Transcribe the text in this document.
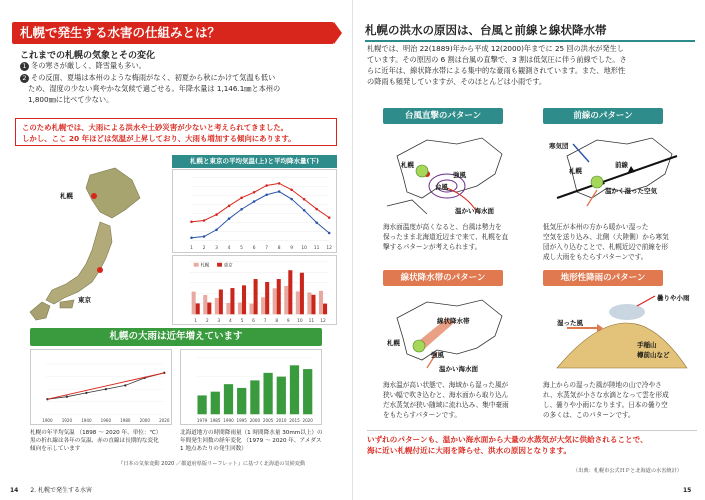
札幌で発生する水害の仕組みとは？
これまでの札幌の気象とその変化
1 冬の寒さが厳しく、降雪量も多い。
2 その反面、夏場は本州のような梅雨がなく、初夏から秋にかけて気温も低い
ため、湿度の少ない爽やかな気候で過ごせる。年降水量は 1,146.1㎜と本州の
1,800㎜に比べて少ない。
このため札幌では、大雨による洪水や土砂災害が少ないと考えられてきました。
しかし、ここ 20 年ほどは気温が上昇しており、大雨も増加する傾向にあります。
札幌
東京
札幌と東京の平均気温(上)と平均降水量(下)
1 2 3 4 5 6 7 8 9 10 11 12
1 2 3 4 5 6 7 8 9 10 11 12
札幌	東京
札幌の大雨は近年増えています
1900 1920 1940 1960 1980 2000 2020	1979 1985 1990 1995 2000 2005 2010 2015 2020
札幌の年平均気温 （1898 ～ 2020 年、単位：℃）
黒の折れ線は各年の気温、赤の直線は長期的な変化
傾向を示しています
北海道地方の時間降雨量（1 時間降水量 30mm以上）の
年間発生回数の経年変化 （1979 ～ 2020 年、アメダス
1 地点あたりの発生回数）
『日本の気象変動 2020 ／都道府県版リーフレット』に基づく北海道の気候変動
14 2. 札幌で発生する水害
札幌の洪水の原因は、台風と前線と線状降水帯
札幌では、明治 22(1889)年から平成 12(2000)年までに 25 回の洪水が発生し
ています。その原因の 6 割は台風の直撃で、3 割は低気圧に伴う前線でした。さ
らに近年は、線状降水帯による集中的な豪雨も観測されています。また、地形性
の降雨も頻発していますが、そのほとんどは小雨です。
台風直撃のパターン
札幌
台風
強風
温かい海水面
海水面温度が高くなると、台風は勢力を
保ったまま北海道近辺まで来て、札幌を直
撃するパターンが考えられます。
前線のパターン
寒気団
札幌
前線
温かく湿った空気
低気圧が本州の方から暖かい湿った
空気を送り込み、北側（大陸側）から寒気
団が入り込むことで、札幌近辺で前線を形
成し大雨をもたらすパターンです。
線状降水帯のパターン
札幌
線状降水帯
強風
温かい海水面
海水温が高い状態で、海域から湿った風が
狭い幅で吹き込むと、海水面から取り込ん
だ水蒸気が狭い随域に流れ込み、集中豪雨
をもたらすパターンです。
地形性降雨のパターン
湿った風
曇りや小雨
手稲山
樽前山など
海上からの湿った風が陸地の山で冷やさ
れ、水蒸気が小さな水滴となって雲を形成
し、曇りや小雨になります。日本の曇り空
の多くは、このパターンです。
いずれのパターンも、温かい海水面から大量の水蒸気が大気に供給されることで、
海に近い札幌付近に大雨を降らせ、洪水の原因となります。
（出典：札幌市公式ＨＰと北海道の水害統計）
15
